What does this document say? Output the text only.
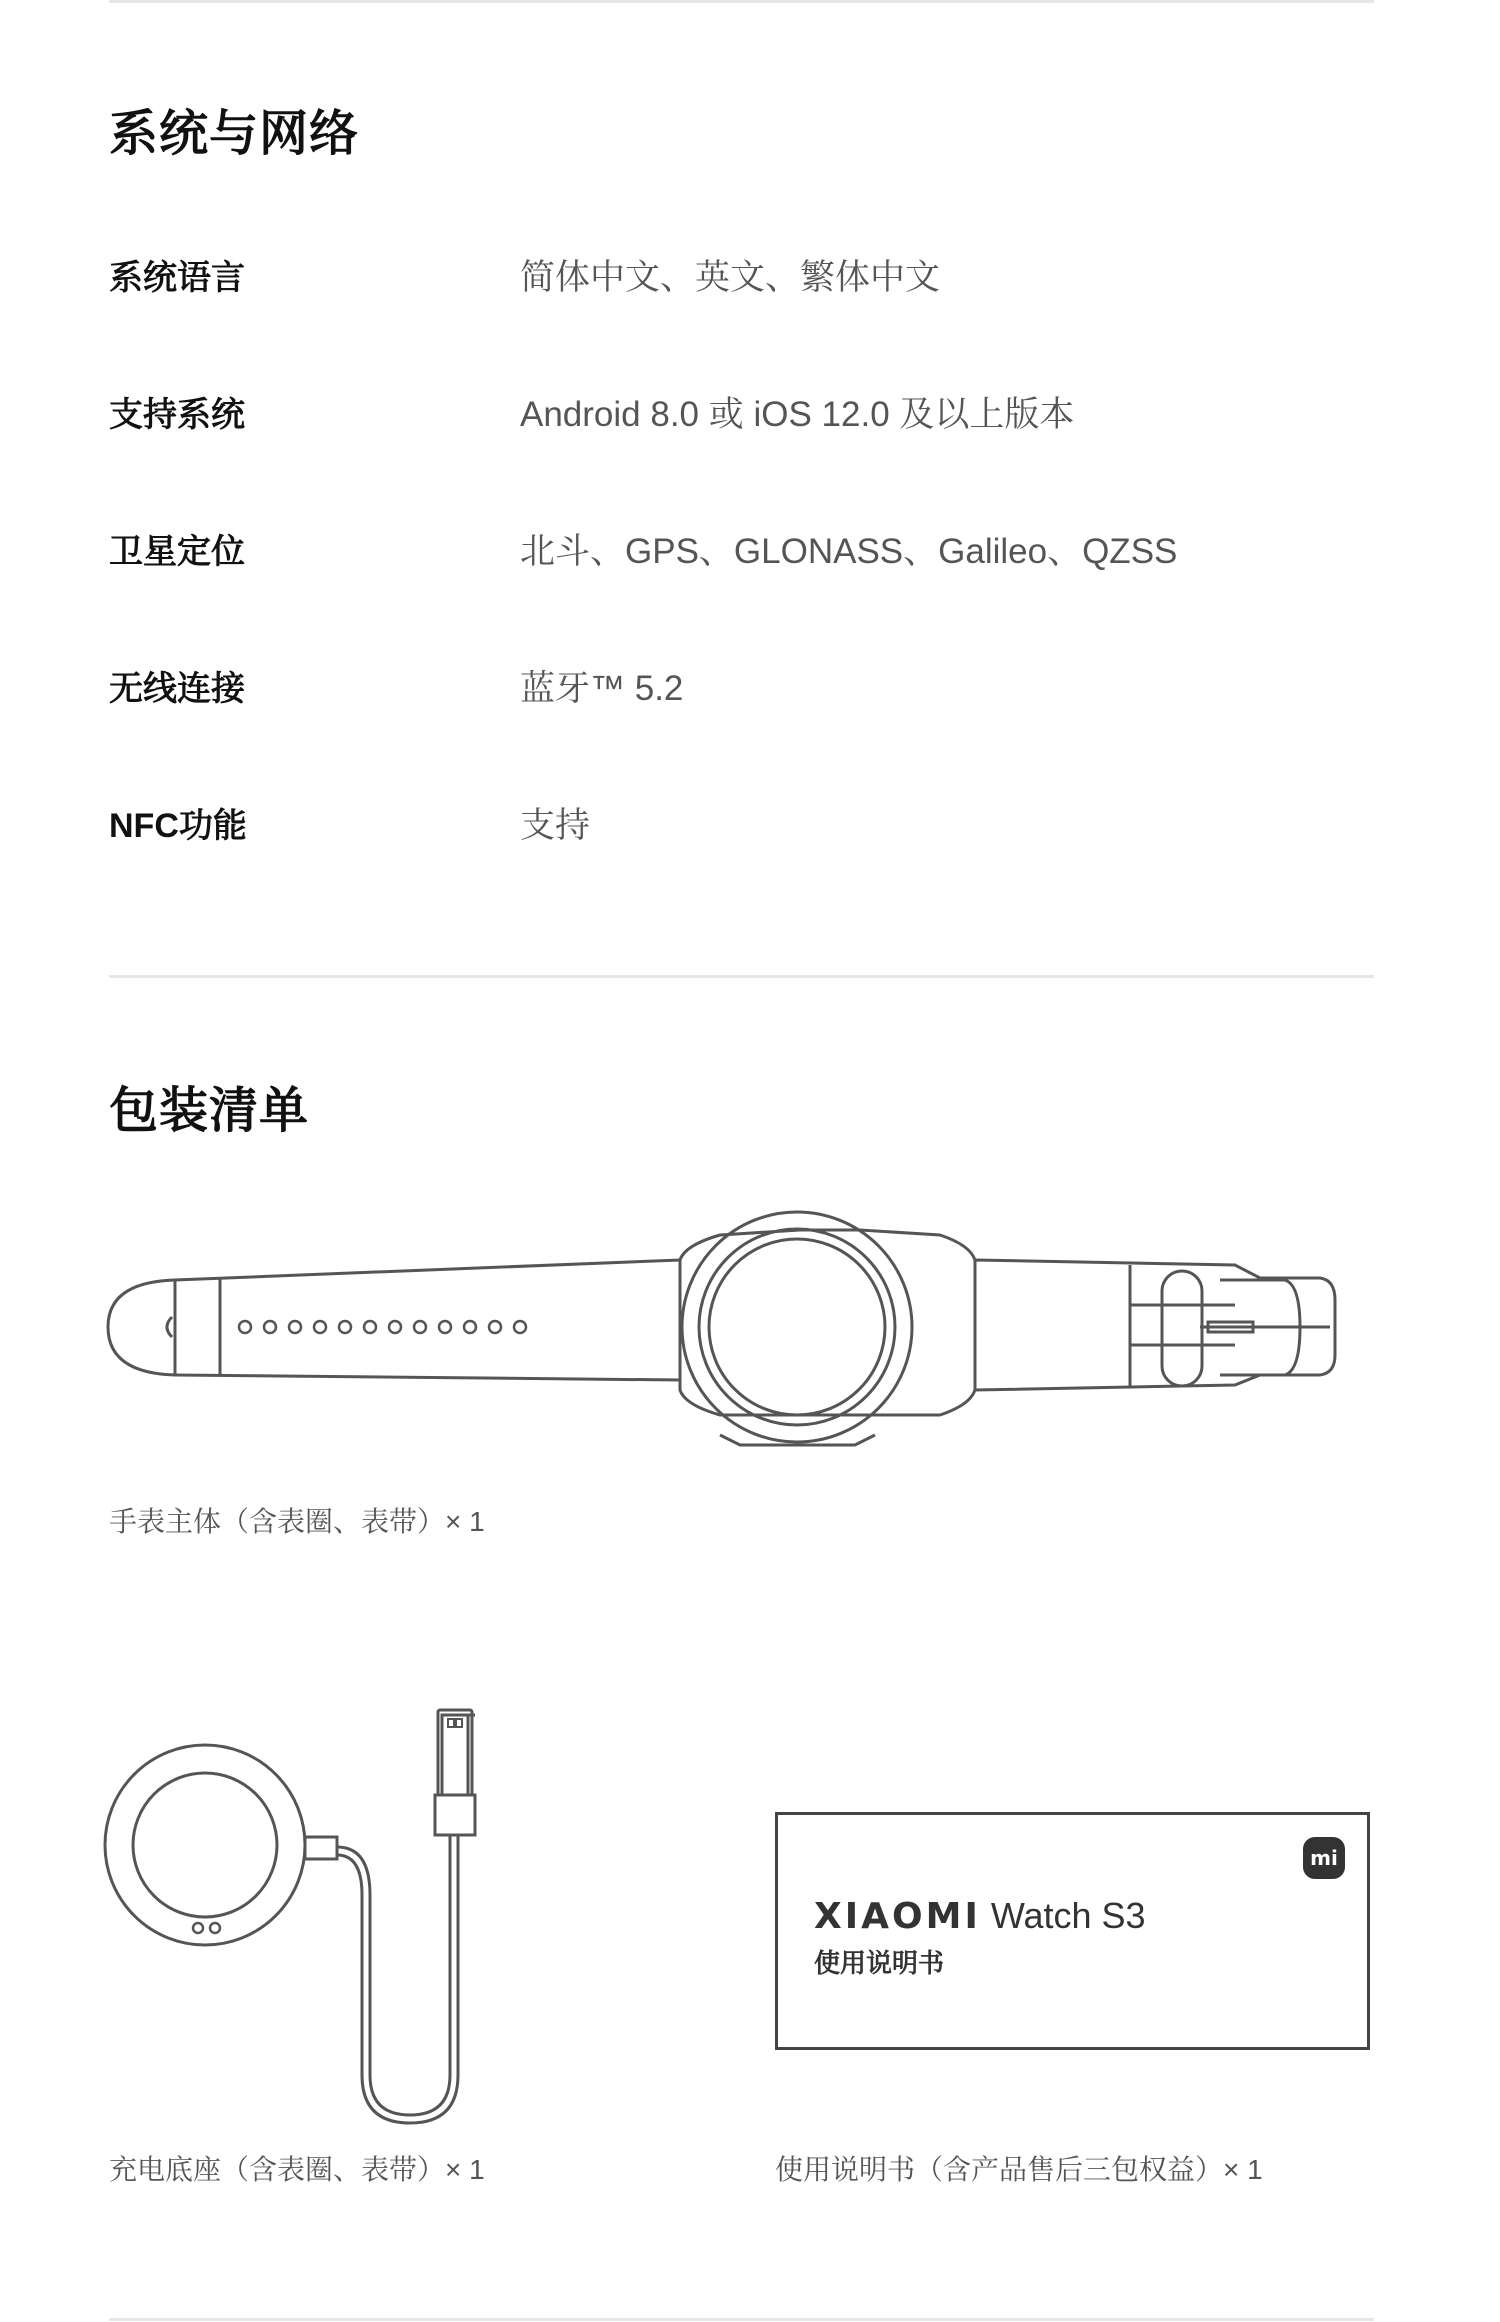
系统与网络
系统语言	简体中文、英文、繁体中文
支持系统	Android 8.0 或 iOS 12.0 及以上版本
卫星定位	北斗、GPS、GLONASS、Galileo、QZSS
无线连接	蓝牙™ 5.2
NFC功能	支持
包装清单
手表主体（含表圈、表带）× 1
充电底座（含表圈、表带）× 1
mi
XIAOMI Watch S3
使用说明书
使用说明书（含产品售后三包权益）× 1
